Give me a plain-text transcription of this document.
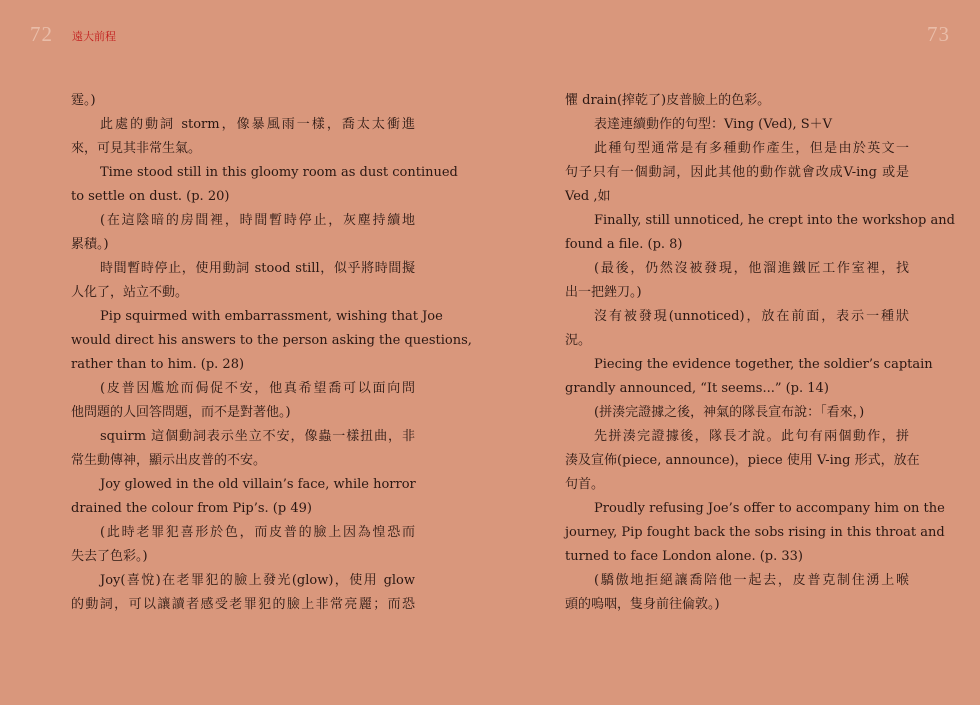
72 遠大前程	73
霆。)
此處的動詞 storm，像暴風雨一樣，喬太太衝進
來，可見其非常生氣。
Time stood still in this gloomy room as dust continued
to settle on dust. (p. 20)
(在這陰暗的房間裡，時間暫時停止，灰塵持續地
累積。)
時間暫時停止，使用動詞 stood still，似乎將時間擬
人化了，站立不動。
Pip squirmed with embarrassment, wishing that Joe
would direct his answers to the person asking the questions,
rather than to him. (p. 28)
(皮普因尷尬而侷促不安，他真希望喬可以面向問
他問題的人回答問題，而不是對著他。)
squirm 這個動詞表示坐立不安，像蟲一樣扭曲，非
常生動傳神，顯示出皮普的不安。
Joy glowed in the old villain’s face, while horror
drained the colour from Pip’s. (p 49)
(此時老罪犯喜形於色，而皮普的臉上因為惶恐而
失去了色彩。)
Joy(喜悅)在老罪犯的臉上發光(glow)，使用 glow
的動詞，可以讓讀者感受老罪犯的臉上非常亮麗；而恐
懼 drain(搾乾了)皮普臉上的色彩。
表達連續動作的句型：Ving (Ved), S＋V
此種句型通常是有多種動作產生，但是由於英文一
句子只有一個動詞，因此其他的動作就會改成V-ing 或是
Ved ,如
Finally, still unnoticed, he crept into the workshop and
found a file. (p. 8)
(最後，仍然沒被發現，他溜進鐵匠工作室裡，找
出一把銼刀。)
沒有被發現(unnoticed)，放在前面，表示一種狀
況。
Piecing the evidence together, the soldier’s captain
grandly announced, “It seems...” (p. 14)
(拼湊完證據之後，神氣的隊長宣布說：「看來，)
先拼湊完證據後，隊長才說。此句有兩個動作，拼
湊及宣佈(piece, announce)，piece 使用 V-ing 形式，放在
句首。
Proudly refusing Joe’s offer to accompany him on the
journey, Pip fought back the sobs rising in this throat and
turned to face London alone. (p. 33)
(驕傲地拒絕讓喬陪他一起去，皮普克制住湧上喉
頭的嗚咽，隻身前往倫敦。)
